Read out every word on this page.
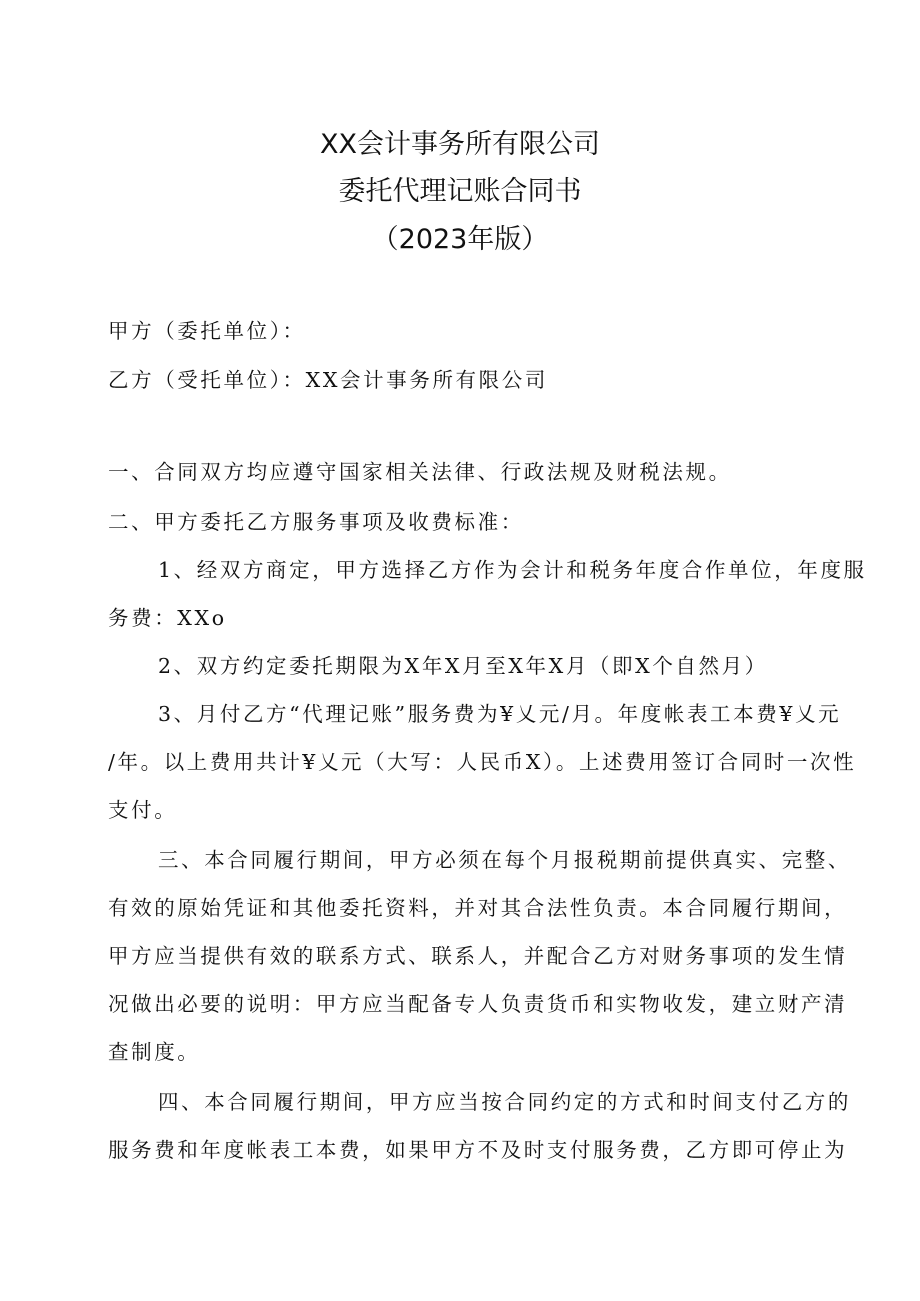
XX会计事务所有限公司
委托代理记账合同书
（2023年版）
甲方（委托单位）：
乙方（受托单位）：XX会计事务所有限公司
一、合同双方均应遵守国家相关法律、行政法规及财税法规。
二、甲方委托乙方服务事项及收费标准：
1、经双方商定，甲方选择乙方作为会计和税务年度合作单位，年度服
务费：XXo
2、双方约定委托期限为X年X月至X年X月（即X个自然月）
3、月付乙方“代理记账”服务费为¥乂元/月。年度帐表工本费¥乂元
/年。以上费用共计¥乂元（大写：人民币X）。上述费用签订合同时一次性
支付。
三、本合同履行期间，甲方必须在每个月报税期前提供真实、完整、
有效的原始凭证和其他委托资料，并对其合法性负责。本合同履行期间，
甲方应当提供有效的联系方式、联系人，并配合乙方对财务事项的发生情
况做出必要的说明：甲方应当配备专人负责货币和实物收发，建立财产清
查制度。
四、本合同履行期间，甲方应当按合同约定的方式和时间支付乙方的
服务费和年度帐表工本费，如果甲方不及时支付服务费，乙方即可停止为
